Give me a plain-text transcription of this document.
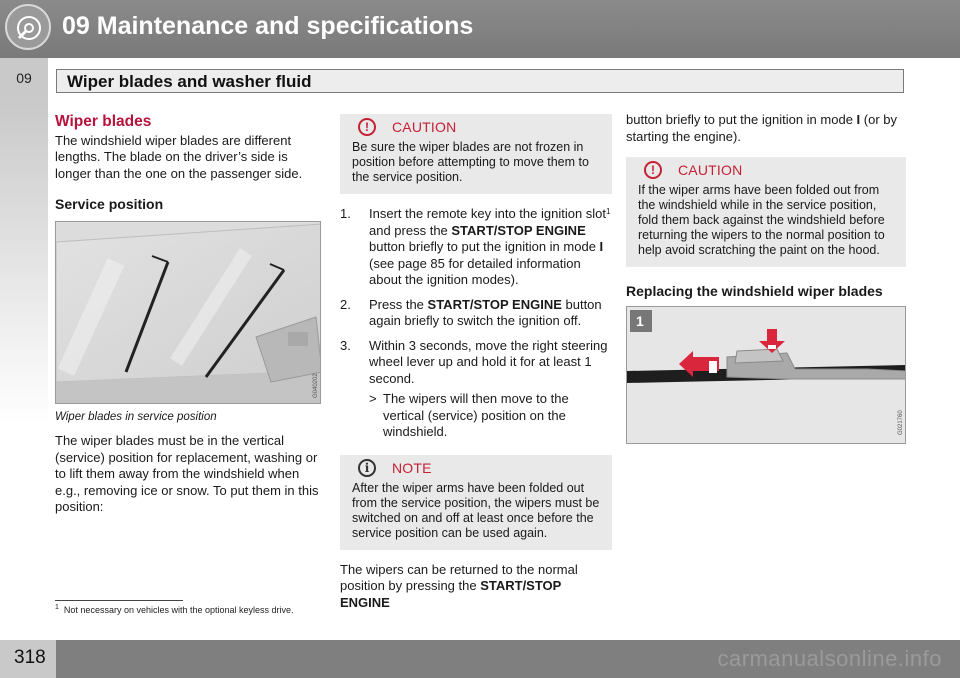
09 Maintenance and specifications
09	Wiper blades and washer fluid
Wiper blades

The windshield wiper blades are different lengths. The blade on the driver’s side is longer than the one on the passenger side.

Service position
G040202
Wiper blades in service position

The wiper blades must be in the vertical (service) position for replacement, washing or to lift them away from the windshield when e.g., removing ice or snow. To put them in this position:

!	CAUTION
Be sure the wiper blades are not frozen in position before attempting to move them to the service position.
1. Insert the remote key into the ignition slot$^1$ and press the START/STOP ENGINE button briefly to put the ignition in mode I (see page 85 for detailed information about the ignition modes).
2. Press the START/STOP ENGINE button again briefly to switch the ignition off.
3. Within 3 seconds, move the right steering wheel lever up and hold it for at least 1 second.
> The wipers will then move to the vertical (service) position on the windshield.
i	NOTE
After the wiper arms have been folded out from the service position, the wipers must be switched on and off at least once before the service position can be used again.

The wipers can be returned to the normal position by pressing the START/STOP ENGINE

button briefly to put the ignition in mode I (or by starting the engine).

!	CAUTION
If the wiper arms have been folded out from the windshield while in the service position, fold them back against the windshield before returning the wipers to the normal position to help avoid scratching the paint on the hood.
Replacing the windshield wiper blades
1
G021760
$^1$ Not necessary on vehicles with the optional keyless drive.
318	carmanualsonline.info
